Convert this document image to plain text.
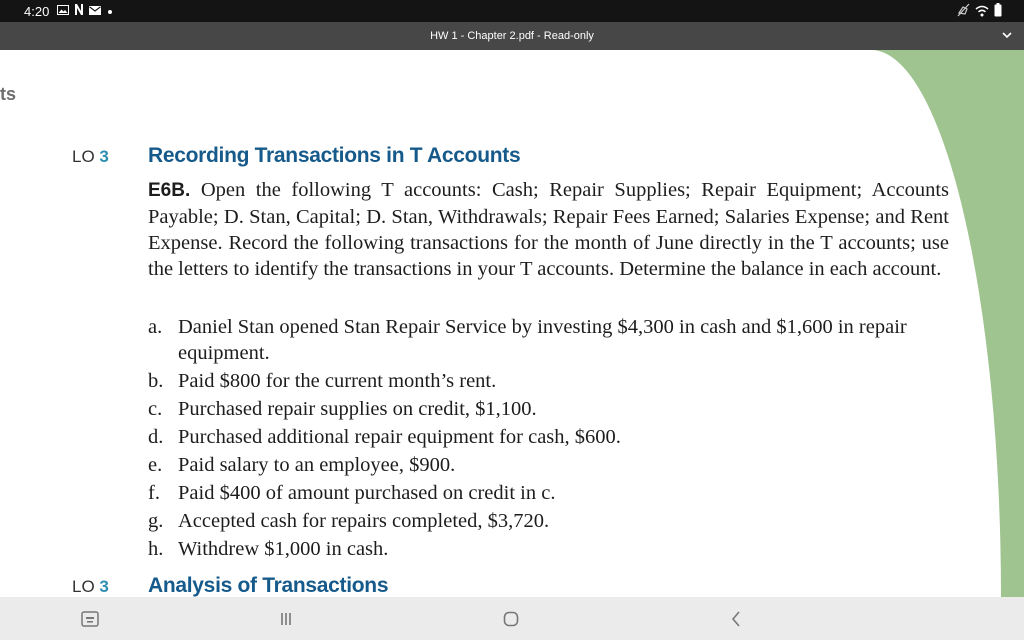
4:20
HW 1 - Chapter 2.pdf - Read-only
ts	3
LO 3 Recording Transactions in T Accounts
E6B. Open the following T accounts: Cash; Repair Supplies; Repair Equipment; Accounts Payable; D. Stan, Capital; D. Stan, Withdrawals; Repair Fees Earned; Salaries Expense; and Rent Expense. Record the following transactions for the month of June directly in the T accounts; use the letters to identify the transactions in your T accounts. Determine the balance in each account.
a. Daniel Stan opened Stan Repair Service by investing $4,300 in cash and $1,600 in repair equipment.
b. Paid $800 for the current month’s rent.
c. Purchased repair supplies on credit, $1,100.
d. Purchased additional repair equipment for cash, $600.
e. Paid salary to an employee, $900.
f. Paid $400 of amount purchased on credit in c.
g. Accepted cash for repairs completed, $3,720.
h. Withdrew $1,000 in cash.
LO 3 Analysis of Transactions
